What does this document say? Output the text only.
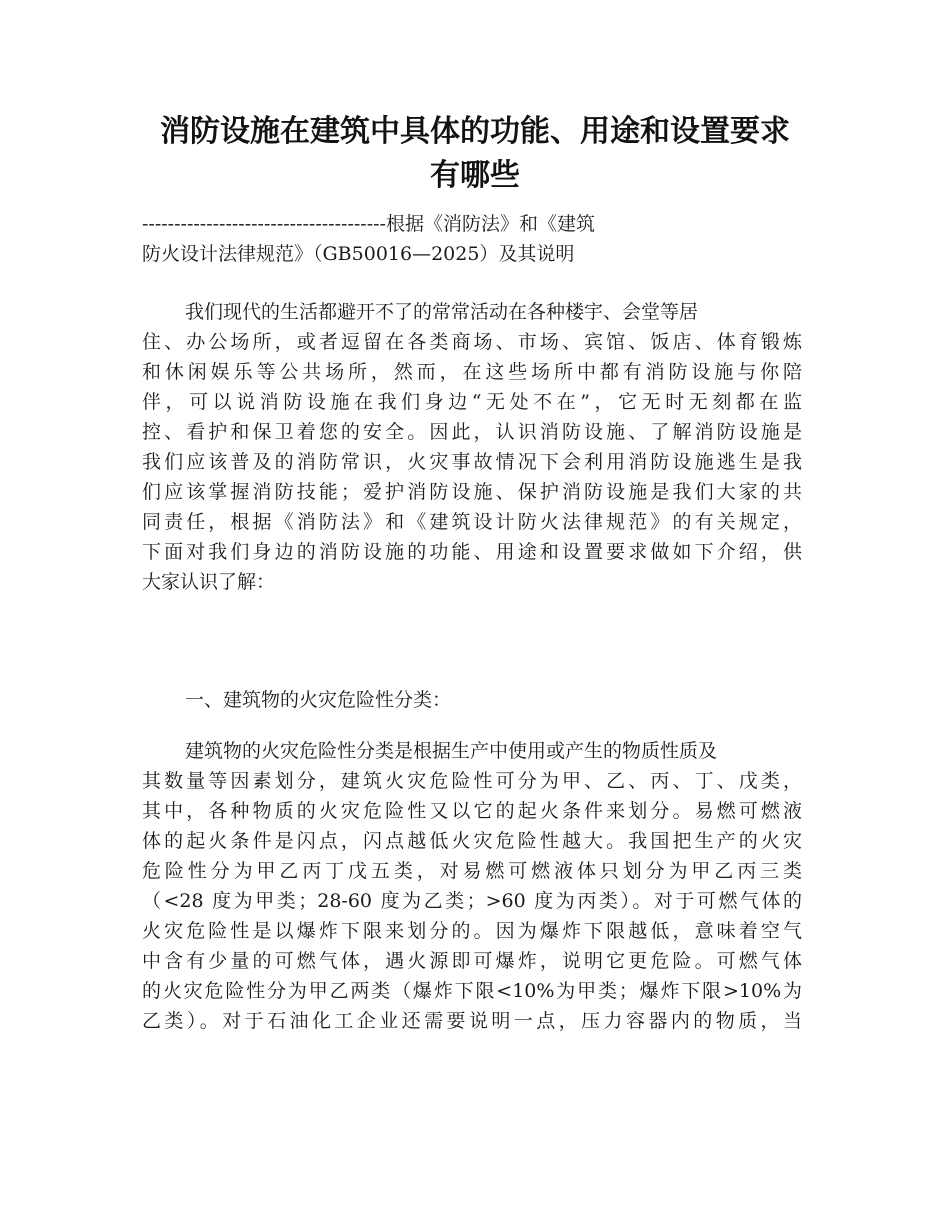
消防设施在建筑中具体的功能、用途和设置要求
有哪些
--------------------------------------根据《消防法》和《建筑
防火设计法律规范》（GB50016—2025）及其说明
我们现代的生活都避开不了的常常活动在各种楼宇、会堂等居
住、办公场所，或者逗留在各类商场、市场、宾馆、饭店、体育锻炼
和休闲娱乐等公共场所，然而，在这些场所中都有消防设施与你陪
伴，可以说消防设施在我们身边“无处不在”，它无时无刻都在监
控、看护和保卫着您的安全。因此，认识消防设施、了解消防设施是
我们应该普及的消防常识，火灾事故情况下会利用消防设施逃生是我
们应该掌握消防技能；爱护消防设施、保护消防设施是我们大家的共
同责任，根据《消防法》和《建筑设计防火法律规范》的有关规定，
下面对我们身边的消防设施的功能、用途和设置要求做如下介绍，供
大家认识了解：
一、建筑物的火灾危险性分类：
建筑物的火灾危险性分类是根据生产中使用或产生的物质性质及
其数量等因素划分，建筑火灾危险性可分为甲、乙、丙、丁、戊类，
其中，各种物质的火灾危险性又以它的起火条件来划分。易燃可燃液
体的起火条件是闪点，闪点越低火灾危险性越大。我国把生产的火灾
危险性分为甲乙丙丁戊五类，对易燃可燃液体只划分为甲乙丙三类
（<28 度为甲类；28-60 度为乙类；>60 度为丙类）。对于可燃气体的
火灾危险性是以爆炸下限来划分的。因为爆炸下限越低，意味着空气
中含有少量的可燃气体，遇火源即可爆炸，说明它更危险。可燃气体
的火灾危险性分为甲乙两类（爆炸下限<10%为甲类；爆炸下限>10%为
乙类）。对于石油化工企业还需要说明一点，压力容器内的物质，当
